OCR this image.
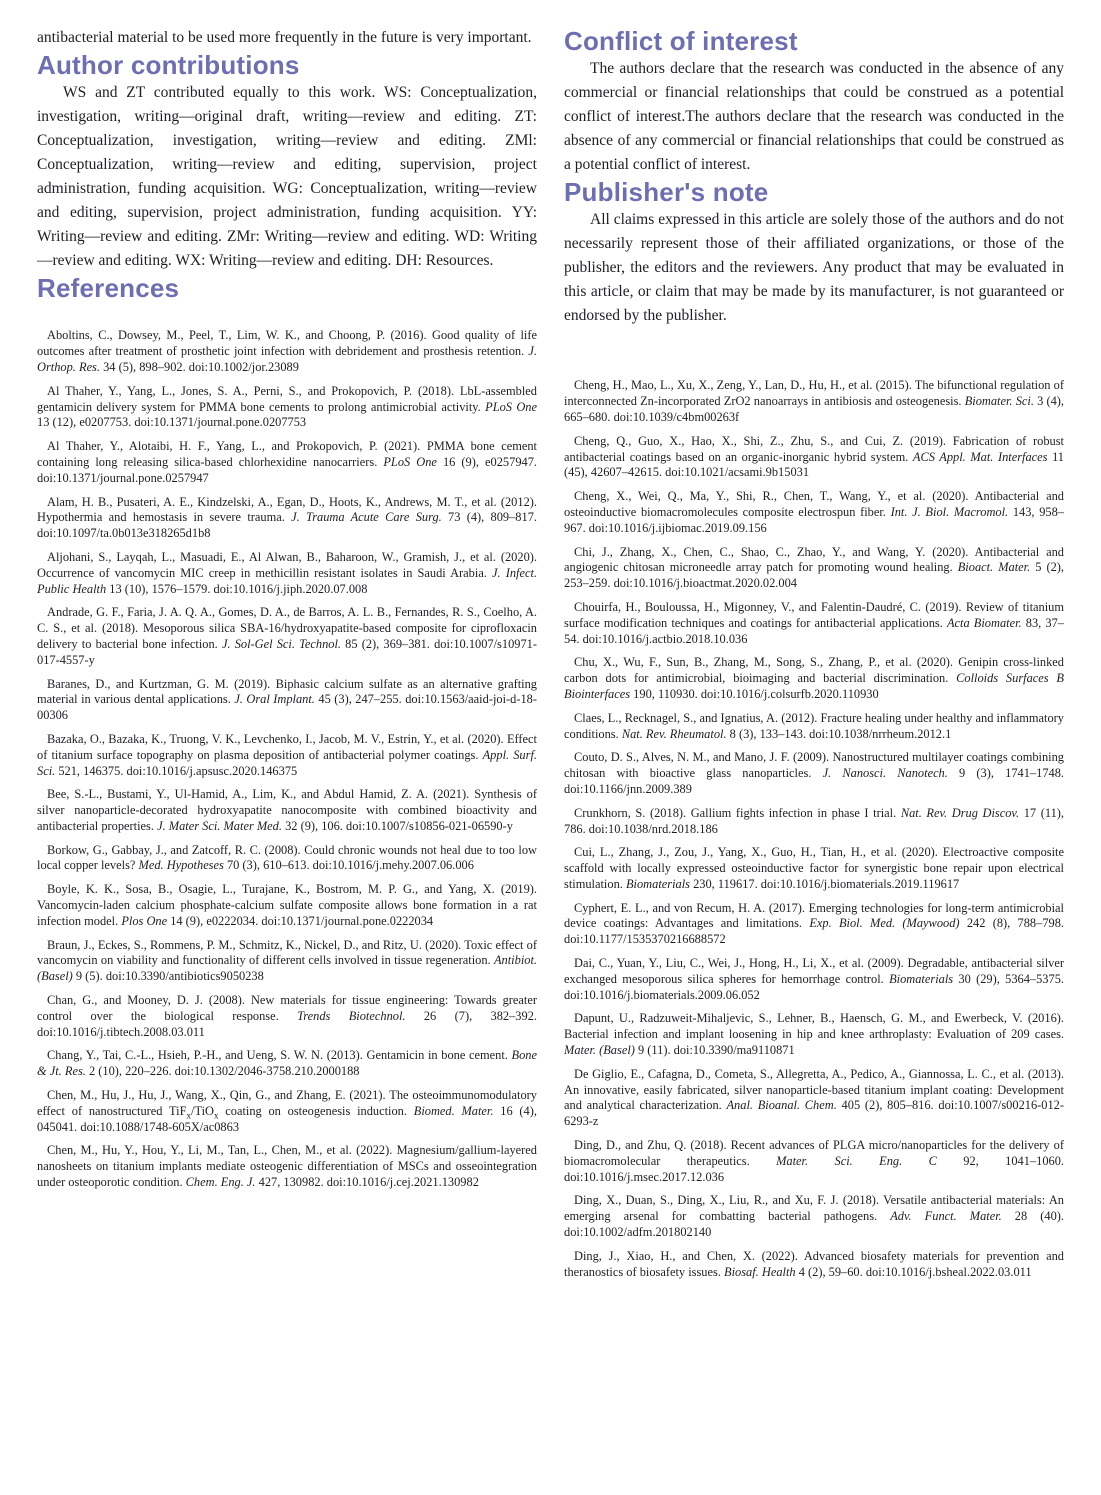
antibacterial material to be used more frequently in the future is very important.

Author contributions

WS and ZT contributed equally to this work. WS: Conceptualization, investigation, writing—original draft, writing—review and editing. ZT: Conceptualization, investigation, writing—review and editing. ZMl: Conceptualization, writing—review and editing, supervision, project administration, funding acquisition. WG: Conceptualization, writing—review and editing, supervision, project administration, funding acquisition. YY: Writing—review and editing. ZMr: Writing—review and editing. WD: Writing—review and editing. WX: Writing—review and editing. DH: Resources.

References

Aboltins, C., Dowsey, M., Peel, T., Lim, W. K., and Choong, P. (2016). Good quality of life outcomes after treatment of prosthetic joint infection with debridement and prosthesis retention. J. Orthop. Res. 34 (5), 898–902. doi:10.1002/jor.23089

Al Thaher, Y., Yang, L., Jones, S. A., Perni, S., and Prokopovich, P. (2018). LbL-assembled gentamicin delivery system for PMMA bone cements to prolong antimicrobial activity. PLoS One 13 (12), e0207753. doi:10.1371/journal.pone.0207753

Al Thaher, Y., Alotaibi, H. F., Yang, L., and Prokopovich, P. (2021). PMMA bone cement containing long releasing silica-based chlorhexidine nanocarriers. PLoS One 16 (9), e0257947. doi:10.1371/journal.pone.0257947

Alam, H. B., Pusateri, A. E., Kindzelski, A., Egan, D., Hoots, K., Andrews, M. T., et al. (2012). Hypothermia and hemostasis in severe trauma. J. Trauma Acute Care Surg. 73 (4), 809–817. doi:10.1097/ta.0b013e318265d1b8

Aljohani, S., Layqah, L., Masuadi, E., Al Alwan, B., Baharoon, W., Gramish, J., et al. (2020). Occurrence of vancomycin MIC creep in methicillin resistant isolates in Saudi Arabia. J. Infect. Public Health 13 (10), 1576–1579. doi:10.1016/j.jiph.2020.07.008

Andrade, G. F., Faria, J. A. Q. A., Gomes, D. A., de Barros, A. L. B., Fernandes, R. S., Coelho, A. C. S., et al. (2018). Mesoporous silica SBA-16/hydroxyapatite-based composite for ciprofloxacin delivery to bacterial bone infection. J. Sol-Gel Sci. Technol. 85 (2), 369–381. doi:10.1007/s10971-017-4557-y

Baranes, D., and Kurtzman, G. M. (2019). Biphasic calcium sulfate as an alternative grafting material in various dental applications. J. Oral Implant. 45 (3), 247–255. doi:10.1563/aaid-joi-d-18-00306

Bazaka, O., Bazaka, K., Truong, V. K., Levchenko, I., Jacob, M. V., Estrin, Y., et al. (2020). Effect of titanium surface topography on plasma deposition of antibacterial polymer coatings. Appl. Surf. Sci. 521, 146375. doi:10.1016/j.apsusc.2020.146375

Bee, S.-L., Bustami, Y., Ul-Hamid, A., Lim, K., and Abdul Hamid, Z. A. (2021). Synthesis of silver nanoparticle-decorated hydroxyapatite nanocomposite with combined bioactivity and antibacterial properties. J. Mater Sci. Mater Med. 32 (9), 106. doi:10.1007/s10856-021-06590-y

Borkow, G., Gabbay, J., and Zatcoff, R. C. (2008). Could chronic wounds not heal due to too low local copper levels? Med. Hypotheses 70 (3), 610–613. doi:10.1016/j.mehy.2007.06.006

Boyle, K. K., Sosa, B., Osagie, L., Turajane, K., Bostrom, M. P. G., and Yang, X. (2019). Vancomycin-laden calcium phosphate-calcium sulfate composite allows bone formation in a rat infection model. Plos One 14 (9), e0222034. doi:10.1371/journal.pone.0222034

Braun, J., Eckes, S., Rommens, P. M., Schmitz, K., Nickel, D., and Ritz, U. (2020). Toxic effect of vancomycin on viability and functionality of different cells involved in tissue regeneration. Antibiot. (Basel) 9 (5). doi:10.3390/antibiotics9050238

Chan, G., and Mooney, D. J. (2008). New materials for tissue engineering: Towards greater control over the biological response. Trends Biotechnol. 26 (7), 382–392. doi:10.1016/j.tibtech.2008.03.011

Chang, Y., Tai, C.-L., Hsieh, P.-H., and Ueng, S. W. N. (2013). Gentamicin in bone cement. Bone & Jt. Res. 2 (10), 220–226. doi:10.1302/2046-3758.210.2000188

Chen, M., Hu, J., Hu, J., Wang, X., Qin, G., and Zhang, E. (2021). The osteoimmunomodulatory effect of nanostructured TiF$_x$/TiO$_x$ coating on osteogenesis induction. Biomed. Mater. 16 (4), 045041. doi:10.1088/1748-605X/ac0863

Chen, M., Hu, Y., Hou, Y., Li, M., Tan, L., Chen, M., et al. (2022). Magnesium/gallium-layered nanosheets on titanium implants mediate osteogenic differentiation of MSCs and osseointegration under osteoporotic condition. Chem. Eng. J. 427, 130982. doi:10.1016/j.cej.2021.130982

Conflict of interest

The authors declare that the research was conducted in the absence of any commercial or financial relationships that could be construed as a potential conflict of interest.The authors declare that the research was conducted in the absence of any commercial or financial relationships that could be construed as a potential conflict of interest.

Publisher's note

All claims expressed in this article are solely those of the authors and do not necessarily represent those of their affiliated organizations, or those of the publisher, the editors and the reviewers. Any product that may be evaluated in this article, or claim that may be made by its manufacturer, is not guaranteed or endorsed by the publisher.

Cheng, H., Mao, L., Xu, X., Zeng, Y., Lan, D., Hu, H., et al. (2015). The bifunctional regulation of interconnected Zn-incorporated ZrO2 nanoarrays in antibiosis and osteogenesis. Biomater. Sci. 3 (4), 665–680. doi:10.1039/c4bm00263f

Cheng, Q., Guo, X., Hao, X., Shi, Z., Zhu, S., and Cui, Z. (2019). Fabrication of robust antibacterial coatings based on an organic-inorganic hybrid system. ACS Appl. Mat. Interfaces 11 (45), 42607–42615. doi:10.1021/acsami.9b15031

Cheng, X., Wei, Q., Ma, Y., Shi, R., Chen, T., Wang, Y., et al. (2020). Antibacterial and osteoinductive biomacromolecules composite electrospun fiber. Int. J. Biol. Macromol. 143, 958–967. doi:10.1016/j.ijbiomac.2019.09.156

Chi, J., Zhang, X., Chen, C., Shao, C., Zhao, Y., and Wang, Y. (2020). Antibacterial and angiogenic chitosan microneedle array patch for promoting wound healing. Bioact. Mater. 5 (2), 253–259. doi:10.1016/j.bioactmat.2020.02.004

Chouirfa, H., Bouloussa, H., Migonney, V., and Falentin-Daudré, C. (2019). Review of titanium surface modification techniques and coatings for antibacterial applications. Acta Biomater. 83, 37–54. doi:10.1016/j.actbio.2018.10.036

Chu, X., Wu, F., Sun, B., Zhang, M., Song, S., Zhang, P., et al. (2020). Genipin cross-linked carbon dots for antimicrobial, bioimaging and bacterial discrimination. Colloids Surfaces B Biointerfaces 190, 110930. doi:10.1016/j.colsurfb.2020.110930

Claes, L., Recknagel, S., and Ignatius, A. (2012). Fracture healing under healthy and inflammatory conditions. Nat. Rev. Rheumatol. 8 (3), 133–143. doi:10.1038/nrrheum.2012.1

Couto, D. S., Alves, N. M., and Mano, J. F. (2009). Nanostructured multilayer coatings combining chitosan with bioactive glass nanoparticles. J. Nanosci. Nanotech. 9 (3), 1741–1748. doi:10.1166/jnn.2009.389

Crunkhorn, S. (2018). Gallium fights infection in phase I trial. Nat. Rev. Drug Discov. 17 (11), 786. doi:10.1038/nrd.2018.186

Cui, L., Zhang, J., Zou, J., Yang, X., Guo, H., Tian, H., et al. (2020). Electroactive composite scaffold with locally expressed osteoinductive factor for synergistic bone repair upon electrical stimulation. Biomaterials 230, 119617. doi:10.1016/j.biomaterials.2019.119617

Cyphert, E. L., and von Recum, H. A. (2017). Emerging technologies for long-term antimicrobial device coatings: Advantages and limitations. Exp. Biol. Med. (Maywood) 242 (8), 788–798. doi:10.1177/1535370216688572

Dai, C., Yuan, Y., Liu, C., Wei, J., Hong, H., Li, X., et al. (2009). Degradable, antibacterial silver exchanged mesoporous silica spheres for hemorrhage control. Biomaterials 30 (29), 5364–5375. doi:10.1016/j.biomaterials.2009.06.052

Dapunt, U., Radzuweit-Mihaljevic, S., Lehner, B., Haensch, G. M., and Ewerbeck, V. (2016). Bacterial infection and implant loosening in hip and knee arthroplasty: Evaluation of 209 cases. Mater. (Basel) 9 (11). doi:10.3390/ma9110871

De Giglio, E., Cafagna, D., Cometa, S., Allegretta, A., Pedico, A., Giannossa, L. C., et al. (2013). An innovative, easily fabricated, silver nanoparticle-based titanium implant coating: Development and analytical characterization. Anal. Bioanal. Chem. 405 (2), 805–816. doi:10.1007/s00216-012-6293-z

Ding, D., and Zhu, Q. (2018). Recent advances of PLGA micro/nanoparticles for the delivery of biomacromolecular therapeutics. Mater. Sci. Eng. C 92, 1041–1060. doi:10.1016/j.msec.2017.12.036

Ding, X., Duan, S., Ding, X., Liu, R., and Xu, F. J. (2018). Versatile antibacterial materials: An emerging arsenal for combatting bacterial pathogens. Adv. Funct. Mater. 28 (40). doi:10.1002/adfm.201802140

Ding, J., Xiao, H., and Chen, X. (2022). Advanced biosafety materials for prevention and theranostics of biosafety issues. Biosaf. Health 4 (2), 59–60. doi:10.1016/j.bsheal.2022.03.011
